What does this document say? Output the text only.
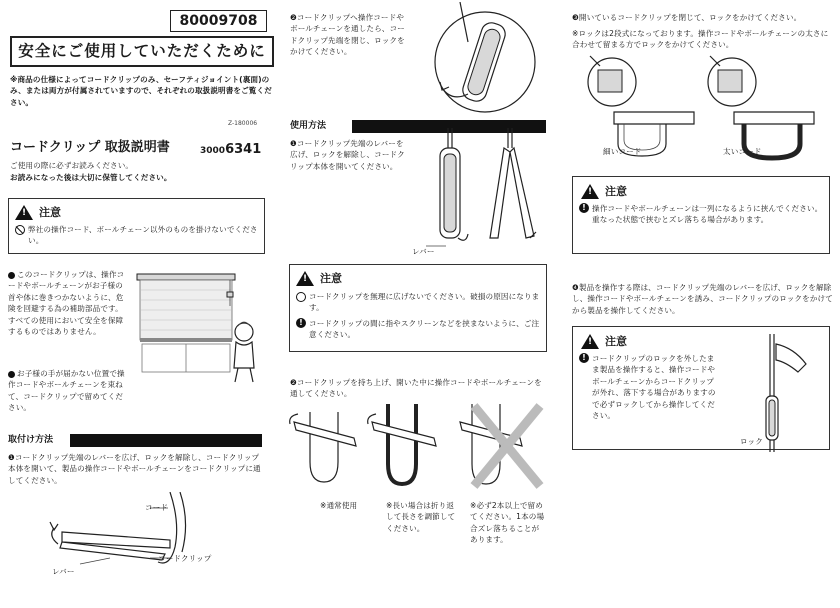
80009708
安全にご使用していただくために
※商品の仕様によってコードクリップのみ、セーフティジョイント(裏面)のみ、または両方が付属されていますので、それぞれの取扱説明書をご覧ください。
Z-180006
コードクリップ 取扱説明書	30006341
ご使用の際に必ずお読みください。
お読みになった後は大切に保管してください。
!
注意
弊社の操作コード、ボールチェーン以外のものを掛けないでください。
このコードクリップは、操作コードやボールチェーンがお子様の首や体に巻きつかないように、危険を回避する為の補助部品です。すべての使用において安全を保障するものではありません。
お子様の手が届かない位置で操作コードやボールチェーンを束ねて、コードクリップで留めてください。
取付け方法
❶コードクリップ先端のレバーを広げ、ロックを解除し、コードクリップ本体を開いて、製品の操作コードやボールチェーンをコードクリップに通してください。
コード
コードクリップ
レバー
❷コードクリップへ操作コードやボールチェーンを通したら、コードクリップ先端を閉じ、ロックをかけてください。
使用方法
❶コードクリップ先端のレバーを広げ、ロックを解除し、コードクリップ本体を開いてください。
レバー
!
注意
コードクリップを無理に広げないでください。破損の原因になります。
! コードクリップの間に指やスクリーンなどを挟まないように、ご注意ください。
❷コードクリップを持ち上げ、開いた中に操作コードやボールチェーンを通してください。
※通常使用	※長い場合は折り返して長さを調節してください。
※必ず2本以上で留めてください。1本の場合ズレ落ちることがあります。
❸開いているコードクリップを閉じて、ロックをかけてください。
※ロックは2段式になっております。操作コードやボールチェーンの太さに合わせて留まる方でロックをかけてください。
細いコード	太いコード
!
注意
! 操作コードやボールチェーンは一列になるように挟んでください。重なった状態で挟むとズレ落ちる場合があります。
❹製品を操作する際は、コードクリップ先端のレバーを広げ、ロックを解除し、操作コードやボールチェーンを誘み、コードクリップのロックをかけてから製品を操作してください。
!
注意
! コードクリップのロックを外したまま製品を操作すると、操作コードやボールチェーンからコードクリップが外れ、落下する場合がありますので必ずロックしてから操作してください。
ロック
